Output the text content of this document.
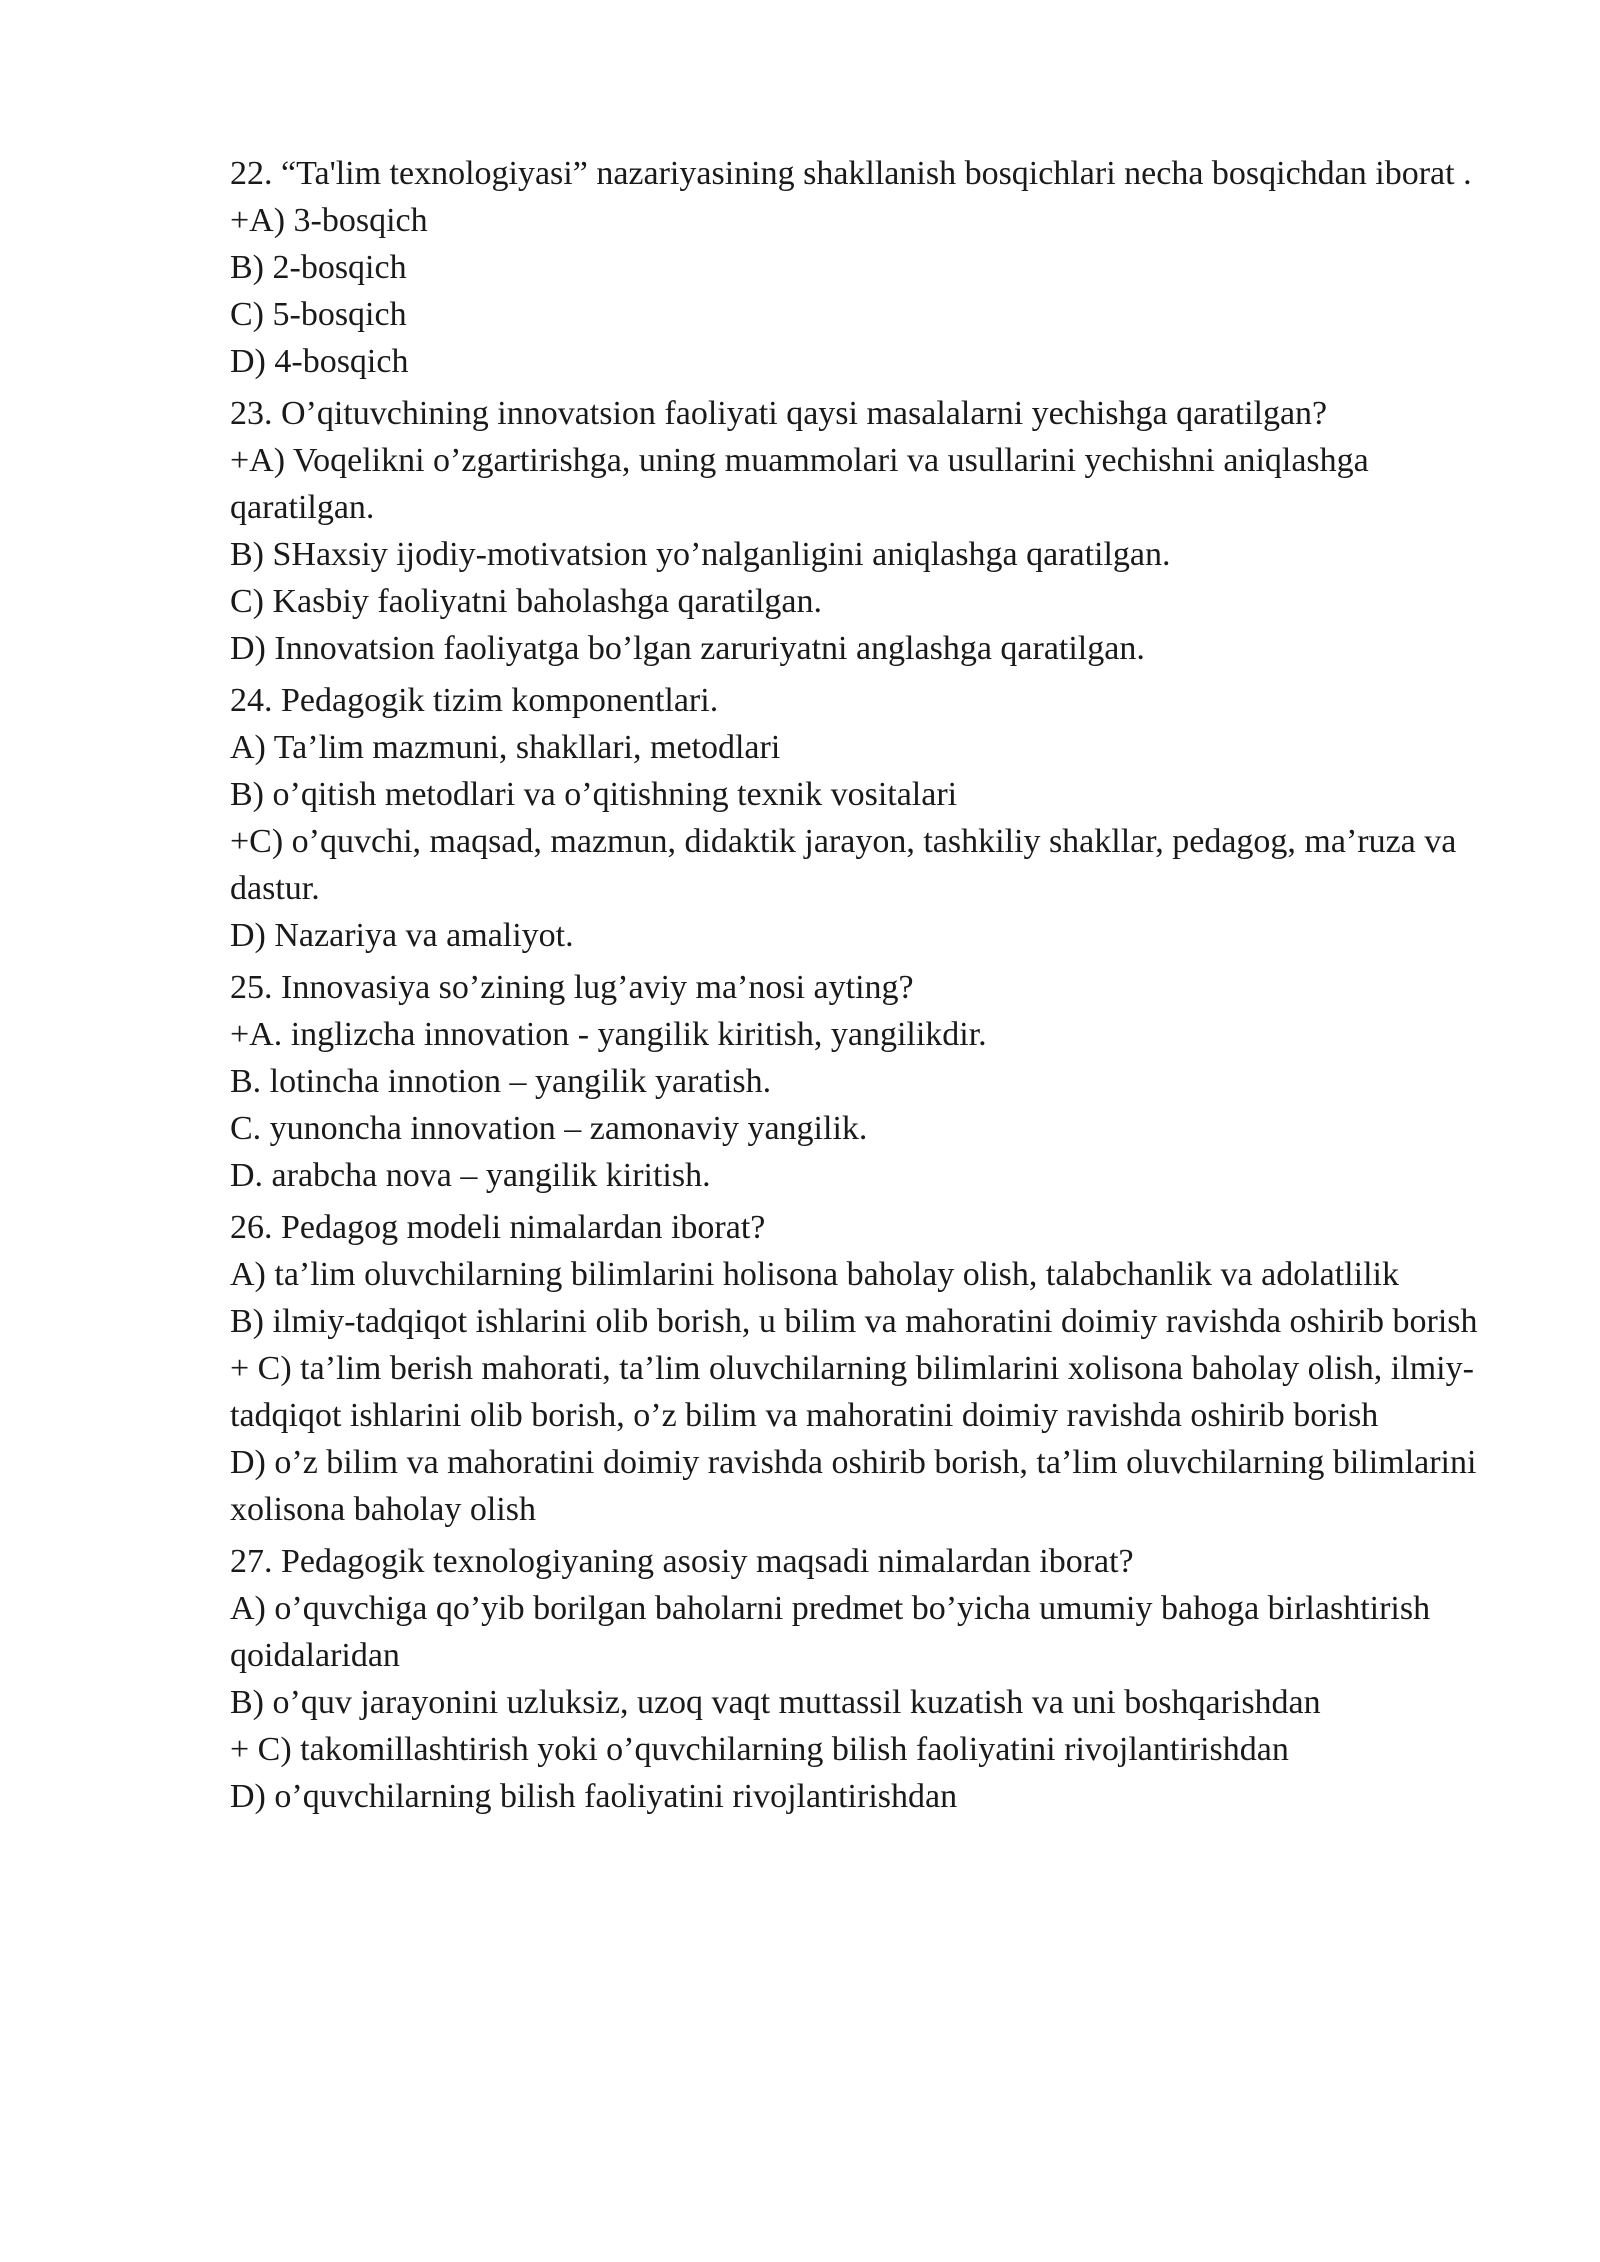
22. “Ta'lim texnologiyasi” nazariyasining shakllanish bosqichlari necha bosqichdan iborat .

+A) 3-bosqich

B) 2-bosqich

C) 5-bosqich

D) 4-bosqich

23. O’qituvchining innovatsion faoliyati qaysi masalalarni yechishga qaratilgan?

+A) Voqelikni o’zgartirishga, uning muammolari va usullarini yechishni aniqlashga qaratilgan.

B) SHaxsiy ijodiy-motivatsion yo’nalganligini aniqlashga qaratilgan.

C) Kasbiy faoliyatni baholashga qaratilgan.

D) Innovatsion faoliyatga bo’lgan zaruriyatni anglashga qaratilgan.

24. Pedagogik tizim komponentlari.

A) Ta’lim mazmuni, shakllari, metodlari

B) o’qitish metodlari va o’qitishning texnik vositalari

+C) o’quvchi, maqsad, mazmun, didaktik jarayon, tashkiliy shakllar, pedagog, ma’ruza va dastur.

D) Nazariya va amaliyot.

25. Innovasiya so’zining lug’aviy ma’nosi ayting?

+A. inglizcha innovation - yangilik kiritish, yangilikdir.

B. lotincha innotion – yangilik yaratish.

C. yunoncha innovation – zamonaviy yangilik.

D. arabcha nova – yangilik kiritish.

26. Pedagog modeli nimalardan iborat?

A) ta’lim oluvchilarning bilimlarini holisona baholay olish, talabchanlik va adolatlilik

B) ilmiy-tadqiqot ishlarini olib borish, u bilim va mahoratini doimiy ravishda oshirib borish

+ C) ta’lim berish mahorati, ta’lim oluvchilarning bilimlarini xolisona baholay olish, ilmiy-tadqiqot ishlarini olib borish, o’z bilim va mahoratini doimiy ravishda oshirib borish

D) o’z bilim va mahoratini doimiy ravishda oshirib borish, ta’lim oluvchilarning bilimlarini xolisona baholay olish

27. Pedagogik texnologiyaning asosiy maqsadi nimalardan iborat?

A) o’quvchiga qo’yib borilgan baholarni predmet bo’yicha umumiy bahoga birlashtirish qoidalaridan

B) o’quv jarayonini uzluksiz, uzoq vaqt muttassil kuzatish va uni boshqarishdan

+ C) takomillashtirish yoki o’quvchilarning bilish faoliyatini rivojlantirishdan

D) o’quvchilarning bilish faoliyatini rivojlantirishdan
